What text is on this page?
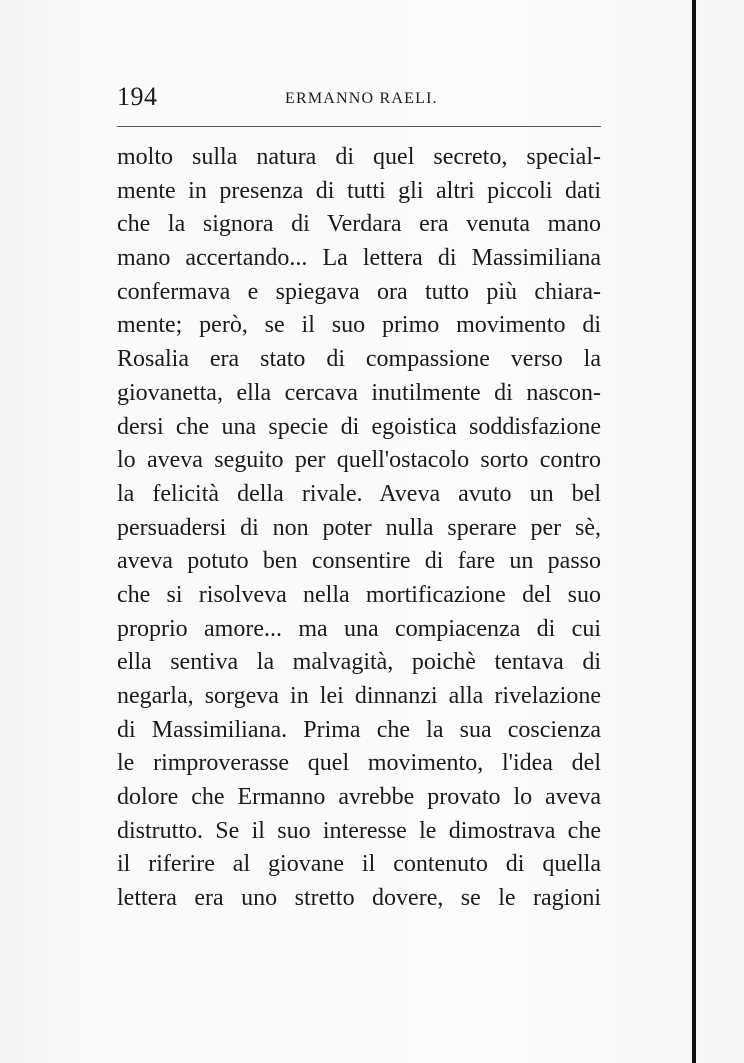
194	ERMANNO RAELI.
molto sulla natura di quel secreto, special-
mente in presenza di tutti gli altri piccoli dati
che la signora di Verdara era venuta mano
mano accertando... La lettera di Massimiliana
confermava e spiegava ora tutto più chiara-
mente; però, se il suo primo movimento di
Rosalia era stato di compassione verso la
giovanetta, ella cercava inutilmente di nascon-
dersi che una specie di egoistica soddisfazione
lo aveva seguito per quell'ostacolo sorto contro
la felicità della rivale. Aveva avuto un bel
persuadersi di non poter nulla sperare per sè,
aveva potuto ben consentire di fare un passo
che si risolveva nella mortificazione del suo
proprio amore... ma una compiacenza di cui
ella sentiva la malvagità, poichè tentava di
negarla, sorgeva in lei dinnanzi alla rivelazione
di Massimiliana. Prima che la sua coscienza
le rimproverasse quel movimento, l'idea del
dolore che Ermanno avrebbe provato lo aveva
distrutto. Se il suo interesse le dimostrava che
il riferire al giovane il contenuto di quella
lettera era uno stretto dovere, se le ragioni
